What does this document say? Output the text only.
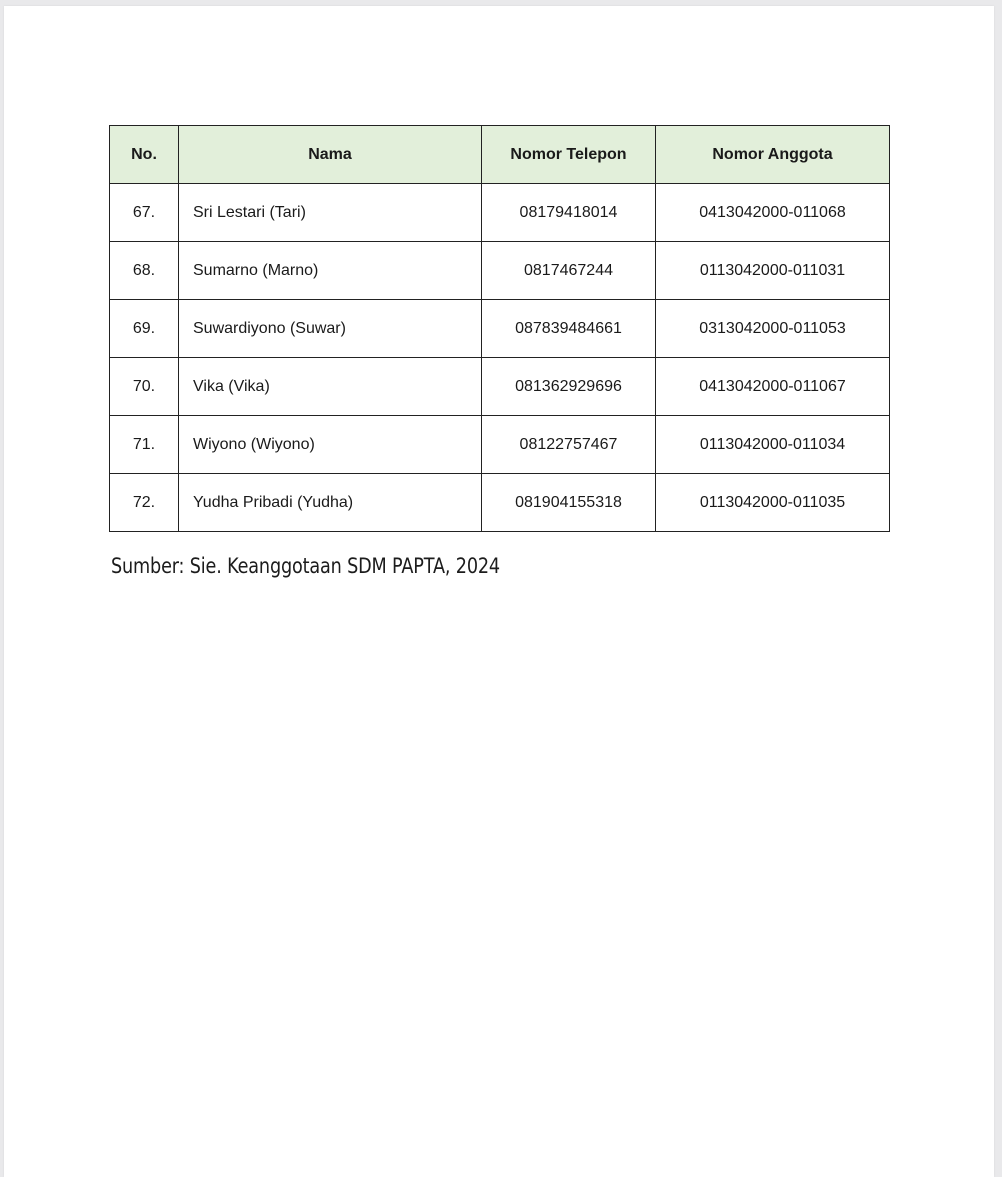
No.	Nama	Nomor Telepon	Nomor Anggota
67.	Sri Lestari (Tari)	08179418014	0413042000-011068
68.	Sumarno (Marno)	0817467244	0113042000-011031
69.	Suwardiyono (Suwar)	087839484661	0313042000-011053
70.	Vika (Vika)	081362929696	0413042000-011067
71.	Wiyono (Wiyono)	08122757467	0113042000-011034
72.	Yudha Pribadi (Yudha)	081904155318	0113042000-011035
Sumber: Sie. Keanggotaan SDM PAPTA, 2024
